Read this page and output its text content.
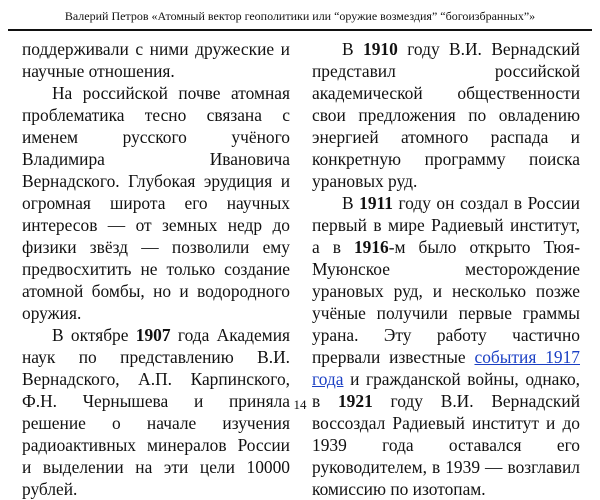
Валерий Петров «Атомный вектор геополитики или “оружие возмездия” “богоизбранных”»

поддерживали с ними дружеские и научные отношения.

На российской почве атомная проблематика тесно связана с именем русского учёного Владимира Ивановича Вернадского. Глубокая эрудиция и огромная широта его научных интересов — от земных недр до физики звёзд — позволили ему предвосхитить не только создание атомной бомбы, но и водородного оружия.

В октябре 1907 года Академия наук по представлению В.И. Вернадского, А.П. Карпинского, Ф.Н. Чернышева и приняла решение о начале изучения радиоактивных минералов России и выделении на эти цели 10000 рублей.

В 1910 году В.И. Вернадский представил российской академической общественности свои предложения по овладению энергией атомного распада и конкретную программу поиска урановых руд.

В 1911 году он создал в России первый в мире Радиевый институт, а в 1916-м было открыто Тюя-Муюнское месторождение урановых руд, и несколько позже учёные получили первые граммы урана. Эту работу частично прервали известные события 1917 года и гражданской войны, однако, в 1921 году В.И. Вернадский воссоздал Радиевый институт и до 1939 года оставался его руководителем, в 1939 — возглавил комиссию по изотопам.

14
